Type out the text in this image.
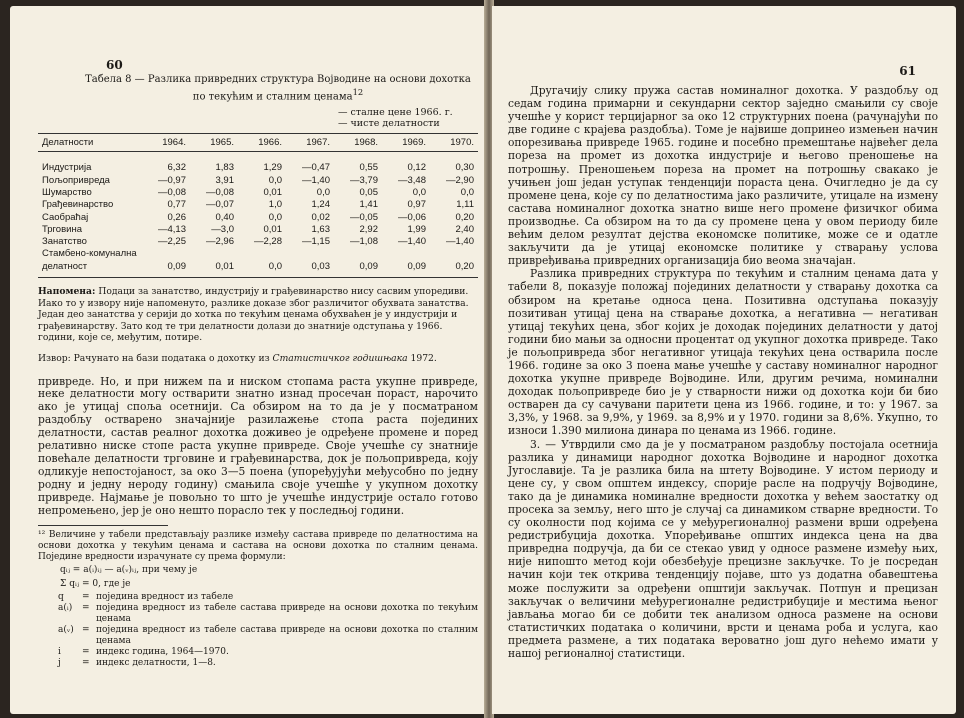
60
Табела 8 — Разлика привредних структура Војводине на основи дохотка по текућим и сталним ценама$^{12}$
— сталне цене 1966. г.
— чисте делатности
Делатности	1964.	1965.	1966.	1967.	1968.	1969.	1970.
Индустрија	6,32	1,83	1,29	—0,47	0,55	0,12	0,30
Пољопривреда	—0,97	3,91	0,0	—1,40	—3,79	—3,48	—2,90
Шумарство	—0,08	—0,08	0,01	0,0	0,05	0,0	0,0
Грађевинарство	0,77	—0,07	1,0	1,24	1,41	0,97	1,11
Саобраћај	0,26	0,40	0,0	0,02	—0,05	—0,06	0,20
Трговина	—4,13	—3,0	0,01	1,63	2,92	1,99	2,40
Занатство	—2,25	—2,96	—2,28	—1,15	—1,08	—1,40	—1,40
Стамбено-комунална делатност	0,09	0,01	0,0	0,03	0,09	0,09	0,20
Напомена: Подаци за занатство, индустрију и грађевинарство нису сасвим упоредиви. Иако то у извору није напоменуто, разлике доказе због различитог обухвата занатства. Један део занатства у серији до хотка по текућим ценама обухваћен је у индустрији и грађевинарству. Зато код те три делатности долази до знатније одступања у 1966. години, које се, међутим, потире.
Извор: Рачунато на бази података о дохотку из Статистичког годишњака 1972.

привреде. Но, и при нижем па и ниском стопама раста укупне привреде, неке делатности могу остварити знатно изнад просечан пораст, нарочито ако је утицај споља осетнији. Са обзиром на то да је у посматраном раздобљу остварено значајније разилажење стопа раста појединих делатности, састав реалног дохотка доживео је одређене промене и поред релативно ниске стопе раста укупне привреде. Своје учешће су знатније повећале делатности трговине и грађевинарства, док је пољопривреда, коју одликује непостојаност, за око 3—5 поена (упоређујући међусобно по једну родну и једну нероду годину) смањила своје учешће у укупном дохотку привреде. Најмање је повољно то што је учешће индустрије остало готово непромењено, јер је оно нешто порасло тек у последњој години.

¹² Величине у табели представљају разлике између састава привреде по делатностима на основи дохотка у текућим ценама и састава на основи дохотка по сталним ценама. Појединe вредности израчунате су према формули:

qᵢⱼ = a(ᵢ)ᵢⱼ — a(ᵥ)ᵢⱼ, при чему је
Σ qᵢⱼ = 0, где је
q	= појединa вредност из табеле
a(ᵢ)	= појединa вредност из табеле састава привреде на основи дохотка по текућим ценама
a(ᵥ) = појединa вредност из табеле састава привреде на основи дохотка по сталним ценама
i	= индекс година, 1964—1970.
j	= индекс делатности, 1—8.
61

Другачију слику пружа састав номиналног дохотка. У раздобљу од седам година примарни и секундарни сектор заједно смањили су своје учешће у корист терцијарног за око 12 структурних поена (рачунајући по две године с крајева раздобља). Томе је највише допринео измењен начин опорезивања привреде 1965. године и посебно премештање највећег дела пореза на промет из дохотка индустрије и његово преношење на потрошњу. Преношењем пореза на промет на потрошњу свакако је учињен још један уступак тенденцији пораста цена. Очигледно је да су промене цена, које су по делатностима јако различите, утицале на измену састава номиналног дохотка знатно више него промене физичког обима производње. Са обзиром на то да су промене цена у овом периоду биле већим делом резултат дејства економске политике, може се и одатле закључити да је утицај економске политике у стварању услова привређивања привредних организација био веома значајан.

Разлика привредних структура по текућим и сталним ценама дата у табели 8, показује положај појединих делатности у стварању дохотка са обзиром на кретање односа цена. Позитивна одступања показују позитиван утицај цена на стварање дохотка, а негативна — негативан утицај текућих цена, због којих је доходак појединих делатности у датој години био мањи за односни процентат од укупног дохотка привреде. Тако је пољопривреда због негативног утицаја текућих цена остварила после 1966. године за око 3 поена мање учешће у саставу номиналног народног дохотка укупне привреде Војводине. Или, другим речима, номинални доходак пољопривреде био је у стварности нижи од дохотка који би био остварен да су сачувани паритети цена из 1966. године, и то: у 1967. за 3,3%, у 1968. за 9,9%, у 1969. за 8,9% и у 1970. години за 8,6%. Укупно, то износи 1.390 милиона динара по ценама из 1966. године.

3. — Утврдили смо да је у посматраном раздобљу постојала осетнија разлика у динамици народног дохотка Војводине и народног дохотка Југославије. Та је разлика била на штету Војводине. У истом периоду и цене су, у свом општем индексу, спорије расле на подручју Војводине, тако да је динамика номиналне вредности дохотка у већем заостатку од просека за земљу, него што је случај са динамиком стварне вредности. То су околности под којима се у међурегионалној размени врши одређена редистрибуција дохотка. Упоређивање општих индекса цена на два привредна подручја, да би се стекао увид у односе размене између њих, није нипошто метод који обезбеђује прецизне закључке. То је посредан начин који тек открива тенденцију појаве, што уз додатна обавештења може послужити за одређени општији закључак. Потпун и прецизан закључак о величини међурегионалне редистрибуције и местима њеног јављања могао би се добити тек анализом односа размене на основи статистичких података о количини, врсти и ценама роба и услуга, као предмета размене, а тих података вероватно још дуго нећемо имати у нашој регионалној статистици.
